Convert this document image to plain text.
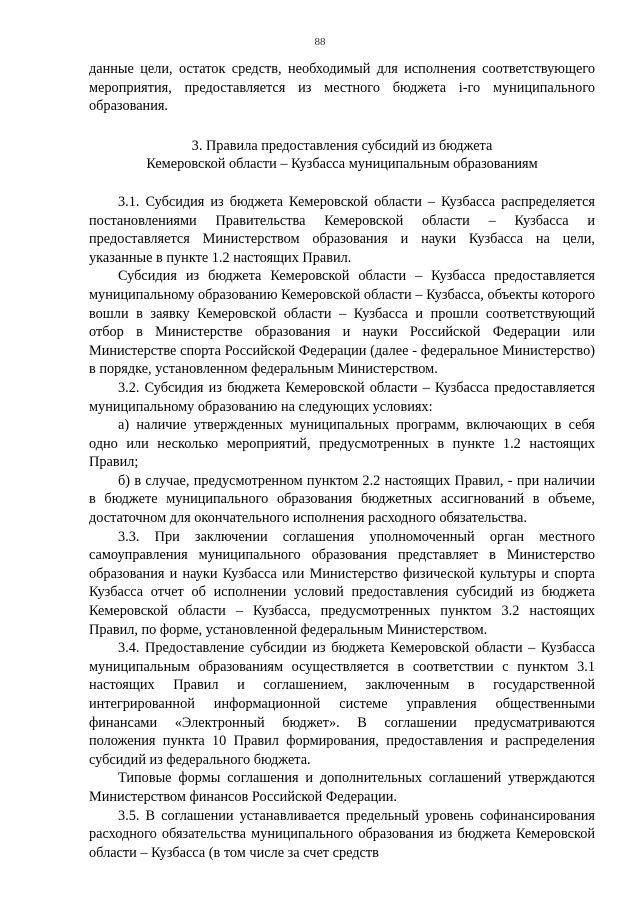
88

данные цели, остаток средств, необходимый для исполнения соответствующего мероприятия, предоставляется из местного бюджета i-го муниципального образования.

3. Правила предоставления субсидий из бюджета

Кемеровской области – Кузбасса муниципальным образованиям

3.1. Субсидия из бюджета Кемеровской области – Кузбасса распределяется постановлениями Правительства Кемеровской области – Кузбасса и предоставляется Министерством образования и науки Кузбасса на цели, указанные в пункте 1.2 настоящих Правил.

Субсидия из бюджета Кемеровской области – Кузбасса предоставляется муниципальному образованию Кемеровской области – Кузбасса, объекты которого вошли в заявку Кемеровской области – Кузбасса и прошли соответствующий отбор в Министерстве образования и науки Российской Федерации или Министерстве спорта Российской Федерации (далее - федеральное Министерство) в порядке, установленном федеральным Министерством.

3.2. Субсидия из бюджета Кемеровской области – Кузбасса предоставляется муниципальному образованию на следующих условиях:

а) наличие утвержденных муниципальных программ, включающих в себя одно или несколько мероприятий, предусмотренных в пункте 1.2 настоящих Правил;

б) в случае, предусмотренном пунктом 2.2 настоящих Правил, - при наличии в бюджете муниципального образования бюджетных ассигнований в объеме, достаточном для окончательного исполнения расходного обязательства.

3.3. При заключении соглашения уполномоченный орган местного самоуправления муниципального образования представляет в Министерство образования и науки Кузбасса или Министерство физической культуры и спорта Кузбасса отчет об исполнении условий предоставления субсидий из бюджета Кемеровской области – Кузбасса, предусмотренных пунктом 3.2 настоящих Правил, по форме, установленной федеральным Министерством.

3.4. Предоставление субсидии из бюджета Кемеровской области – Кузбасса муниципальным образованиям осуществляется в соответствии с пунктом 3.1 настоящих Правил и соглашением, заключенным в государственной интегрированной информационной системе управления общественными финансами «Электронный бюджет». В соглашении предусматриваются положения пункта 10 Правил формирования, предоставления и распределения субсидий из федерального бюджета.

Типовые формы соглашения и дополнительных соглашений утверждаются Министерством финансов Российской Федерации.

3.5. В соглашении устанавливается предельный уровень софинансирования расходного обязательства муниципального образования из бюджета Кемеровской области – Кузбасса (в том числе за счет средств
